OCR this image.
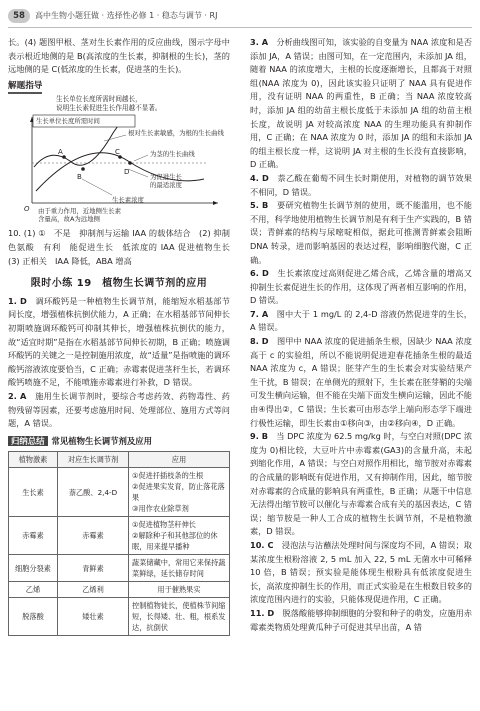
58	高中生物小题狂做 · 选择性必修 1 · 稳态与调节 · RJ

长。(4) 题图甲根、茎对生长素作用的反应曲线，图示字母中表示根近地侧的是 B(高浓度的生长素，抑制根的生长)，茎的远地侧的是 C(低浓度的生长素，促进茎的生长)。

解题指导
生长单位长度所需时间越长，
说明生长素促进生长作用越不显著。
生长单位长度所需时间
根对生长素敏感，为根的生长曲线
为茎的生长曲线
为促进生长
的最适浓度
A
B
C
D
O
生长素浓度
由于重力作用，近地侧生长素
含量高，故A为远地侧

10. (1) ①　不是　抑制剂与运输 IAA 的载体结合　(2) 抑制　色氨酸　有利　能促进生长　低浓度的 IAA 促进植物生长　(3) 正相关　IAA 降低，ABA 增高

限时小练 19　植物生长调节剂的应用

1. D　 调环酸钙是一种植物生长调节剂，能缩短水稻基部节间长度，增强植株抗倒伏能力，A 正确；在水稻基部节间伸长初期喷施调环酸钙可抑制其伸长，增强植株抗倒伏的能力，故“适宜时期”是指在水稻基部节间伸长初期，B 正确；喷施调环酸钙的关键之一是控制施用浓度，故“适量”是指喷施的调环酸钙溶液浓度要恰当，C 正确；赤霉素促进茎秆生长，若调环酸钙喷施不足，不能喷施赤霉素进行补救，D 错误。

2. A　 施用生长调节剂时，要综合考虑药效、药物毒性、药物残留等因素，还要考虑施用时间、处理部位、施用方式等问题，A 错误。

归纳总结 常见植物生长调节剂及应用
植物激素	对应生长调节剂	应用
生长素	萘乙酸、2,4-D	①促进扦插枝条的生根
②促进果实发育，防止落花落果
③用作农业除草剂
赤霉素	赤霉素	①促进植物茎秆伸长
②解除种子和其他部位的休眠，用来提早播种
细胞分裂素	青鲜素	蔬菜储藏中，常用它来保持蔬菜鲜绿，延长储存时间
乙烯	乙烯利	用于催熟果实
脱落酸	矮壮素	控制植物徒长，使植株节间缩短，长得矮、壮、粗，根系发达，抗倒伏

3. A　 分析曲线图可知，该实验的自变量为 NAA 浓度和是否添加 JA，A 错误；由图可知，在一定范围内，未添加 JA 组，随着 NAA 的浓度增大，主根的长度逐渐增长，且都高于对照组(NAA 浓度为 0)，因此该实验只证明了 NAA 具有促进作用，没有证明 NAA 的两重性，B 正确；当 NAA 浓度较高时，添加 JA 组的幼苗主根长度低于未添加 JA 组的幼苗主根长度，故说明 JA 对较高浓度 NAA 的生理功能具有抑制作用，C 正确；在 NAA 浓度为 0 时，添加 JA 的组和未添加 JA 的组主根长度一样，这说明 JA 对主根的生长没有直接影响，D 正确。

4. D　 萘乙酸在葡萄不同生长时期使用，对植物的调节效果不相同，D 错误。

5. B　 要研究植物生长调节剂的使用，既不能滥用，也不能不用，科学地使用植物生长调节剂是有利于生产实践的，B 错误；青鲜素的结构与尿嘧啶相似，据此可推测青鲜素会阻断 DNA 转录，进而影响基因的表达过程，影响细胞代谢，C 正确。

6. D　 生长素浓度过高则促进乙烯合成，乙烯含量的增高又抑制生长素促进生长的作用，这体现了两者相互影响的作用，D 错误。

7. A　 图中大于 1 mg/L 的 2,4-D 溶液仍然促进芽的生长，A 错误。

8. D　 图甲中 NAA 浓度的促进插条生根，因缺少 NAA 浓度高于 c 的实验组，所以不能说明促进迎春花插条生根的最适 NAA 浓度为 c，A 错误；胚芽产生的生长素会对实验结果产生干扰，B 错误；在单侧光的照射下，生长素在胚芽鞘的尖端可发生横向运输，但不能在尖端下面发生横向运输，因此不能由④得出②，C 错误；生长素可由形态学上端向形态学下端进行极性运输，即生长素由①移向③，由②移向④，D 正确。

9. B　 当 DPC 浓度为 62.5 mg/kg 时，与空白对照(DPC 浓度为 0)相比较，大豆叶片中赤霉素(GA3)的含量升高，未起到缩化作用，A 错误；与空白对照作用相比，缩节胺对赤霉素的合成量的影响既有促进作用，又有抑制作用，因此，缩节胺对赤霉素的合成量的影响具有两重性，B 正确；从题干中信息无法得出缩节胺可以催化与赤霉素合成有关的基因表达，C 错误；缩节胺是一种人工合成的植物生长调节剂，不是植物激素，D 错误。

10. C　 浸泡法与沾蘸法处理时间与深度均不同，A 错误；取某浓度生根粉溶液 2, 5 mL 加入 22, 5 mL 无菌水中可稀释 10 倍，B 错误；预实验是能体现生根粉具有低浓度促进生长，高浓度抑制生长的作用，而正式实验是在生根数目较多的浓度范围内进行的实验，只能体现促进作用，C 正确。

11. D　 脱落酸能够抑制细胞的分裂和种子的萌发，应施用赤霉素类物质处理黄瓜种子可促进其早出苗，A 错
